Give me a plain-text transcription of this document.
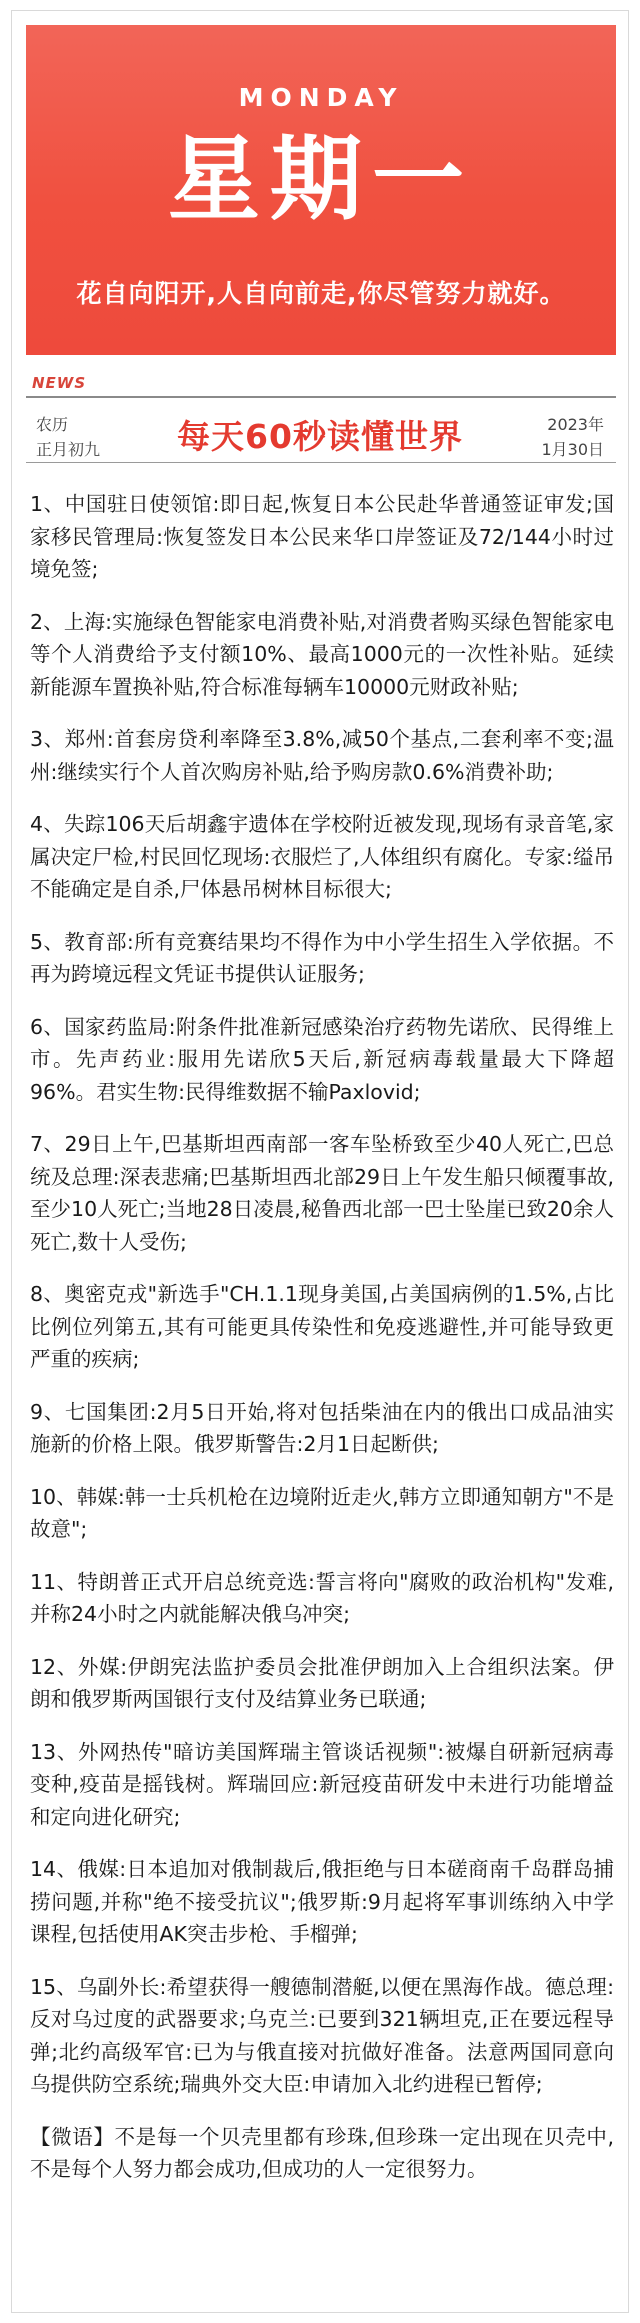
MONDAY
星期一
花自向阳开,人自向前走,你尽管努力就好。
NEWS
农历
正月初九	每天60秒读懂世界	2023年
1月30日

1、中国驻日使领馆:即日起,恢复日本公民赴华普通签证审发;国家移民管理局:恢复签发日本公民来华口岸签证及72/144小时过境免签;

2、上海:实施绿色智能家电消费补贴,对消费者购买绿色智能家电等个人消费给予支付额10%、最高1000元的一次性补贴。延续新能源车置换补贴,符合标准每辆车10000元财政补贴;

3、郑州:首套房贷利率降至3.8%,减50个基点,二套利率不变;温州:继续实行个人首次购房补贴,给予购房款0.6%消费补助;

4、失踪106天后胡鑫宇遗体在学校附近被发现,现场有录音笔,家属决定尸检,村民回忆现场:衣服烂了,人体组织有腐化。专家:缢吊不能确定是自杀,尸体悬吊树林目标很大;

5、教育部:所有竞赛结果均不得作为中小学生招生入学依据。不再为跨境远程文凭证书提供认证服务;

6、国家药监局:附条件批准新冠感染治疗药物先诺欣、民得维上市。先声药业:服用先诺欣5天后,新冠病毒载量最大下降超96%。君实生物:民得维数据不输Paxlovid;

7、29日上午,巴基斯坦西南部一客车坠桥致至少40人死亡,巴总统及总理:深表悲痛;巴基斯坦西北部29日上午发生船只倾覆事故,至少10人死亡;当地28日凌晨,秘鲁西北部一巴士坠崖已致20余人死亡,数十人受伤;

8、奥密克戎"新选手"CH.1.1现身美国,占美国病例的1.5%,占比比例位列第五,其有可能更具传染性和免疫逃避性,并可能导致更严重的疾病;

9、七国集团:2月5日开始,将对包括柴油在内的俄出口成品油实施新的价格上限。俄罗斯警告:2月1日起断供;

10、韩媒:韩一士兵机枪在边境附近走火,韩方立即通知朝方"不是故意";

11、特朗普正式开启总统竞选:誓言将向"腐败的政治机构"发难,并称24小时之内就能解决俄乌冲突;

12、外媒:伊朗宪法监护委员会批准伊朗加入上合组织法案。伊朗和俄罗斯两国银行支付及结算业务已联通;

13、外网热传"暗访美国辉瑞主管谈话视频":被爆自研新冠病毒变种,疫苗是摇钱树。辉瑞回应:新冠疫苗研发中未进行功能增益和定向进化研究;

14、俄媒:日本追加对俄制裁后,俄拒绝与日本磋商南千岛群岛捕捞问题,并称"绝不接受抗议";俄罗斯:9月起将军事训练纳入中学课程,包括使用AK突击步枪、手榴弹;

15、乌副外长:希望获得一艘德制潜艇,以便在黑海作战。德总理:反对乌过度的武器要求;乌克兰:已要到321辆坦克,正在要远程导弹;北约高级军官:已为与俄直接对抗做好准备。法意两国同意向乌提供防空系统;瑞典外交大臣:申请加入北约进程已暂停;

【微语】不是每一个贝壳里都有珍珠,但珍珠一定出现在贝壳中,不是每个人努力都会成功,但成功的人一定很努力。
